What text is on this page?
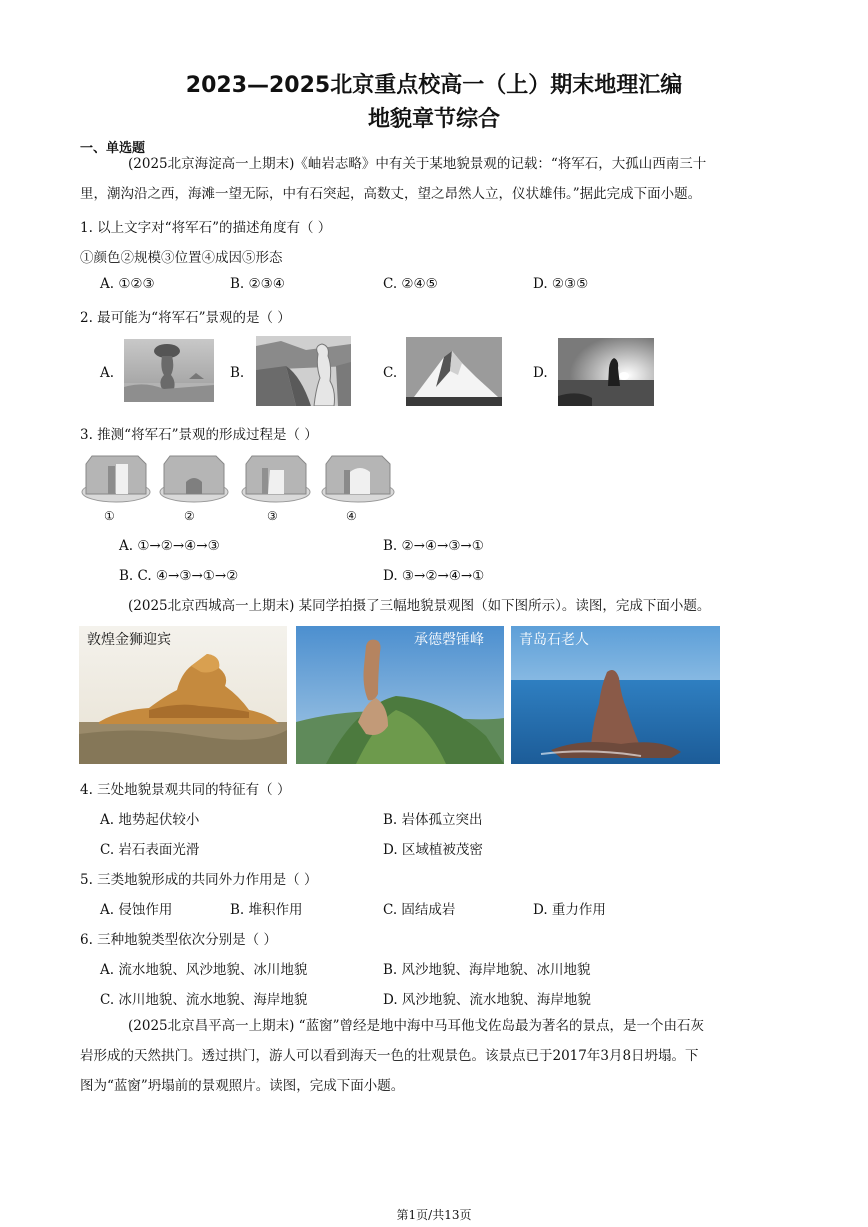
2023—2025北京重点校高一（上）期末地理汇编
地貌章节综合
一、单选题
(2025北京海淀高一上期末)《岫岩志略》中有关于某地貌景观的记载：“将军石，大孤山西南三十
里，潮沟沿之西，海滩一望无际，中有石突起，高数丈，望之昂然人立，仪状雄伟。”据此完成下面小题。
1. 以上文字对“将军石”的描述角度有（ ）
①颜色②规模③位置④成因⑤形态
A. ①②③	B. ②③④	C. ②④⑤	D. ②③⑤
2. 最可能为“将军石”景观的是（ ）
A.	B.	C.	D.
3. 推测“将军石”景观的形成过程是（ ）
①	②	③	④
A. ①→②→④→③	B. ②→④→③→①
B. C. ④→③→①→②	D. ③→②→④→①
(2025北京西城高一上期末) 某同学拍摄了三幅地貌景观图（如下图所示）。读图，完成下面小题。
敦煌金狮迎宾	承德磬锤峰	青岛石老人
4. 三处地貌景观共同的特征有（ ）
A. 地势起伏较小	B. 岩体孤立突出
C. 岩石表面光滑	D. 区域植被茂密
5. 三类地貌形成的共同外力作用是（ ）
A. 侵蚀作用	B. 堆积作用	C. 固结成岩	D. 重力作用
6. 三种地貌类型依次分别是（ ）
A. 流水地貌、风沙地貌、冰川地貌	B. 风沙地貌、海岸地貌、冰川地貌
C. 冰川地貌、流水地貌、海岸地貌	D. 风沙地貌、流水地貌、海岸地貌
(2025北京昌平高一上期末) “蓝窗”曾经是地中海中马耳他戈佐岛最为著名的景点，是一个由石灰
岩形成的天然拱门。透过拱门，游人可以看到海天一色的壮观景色。该景点已于2017年3月8日坍塌。下
图为“蓝窗”坍塌前的景观照片。读图，完成下面小题。
第1页/共13页
